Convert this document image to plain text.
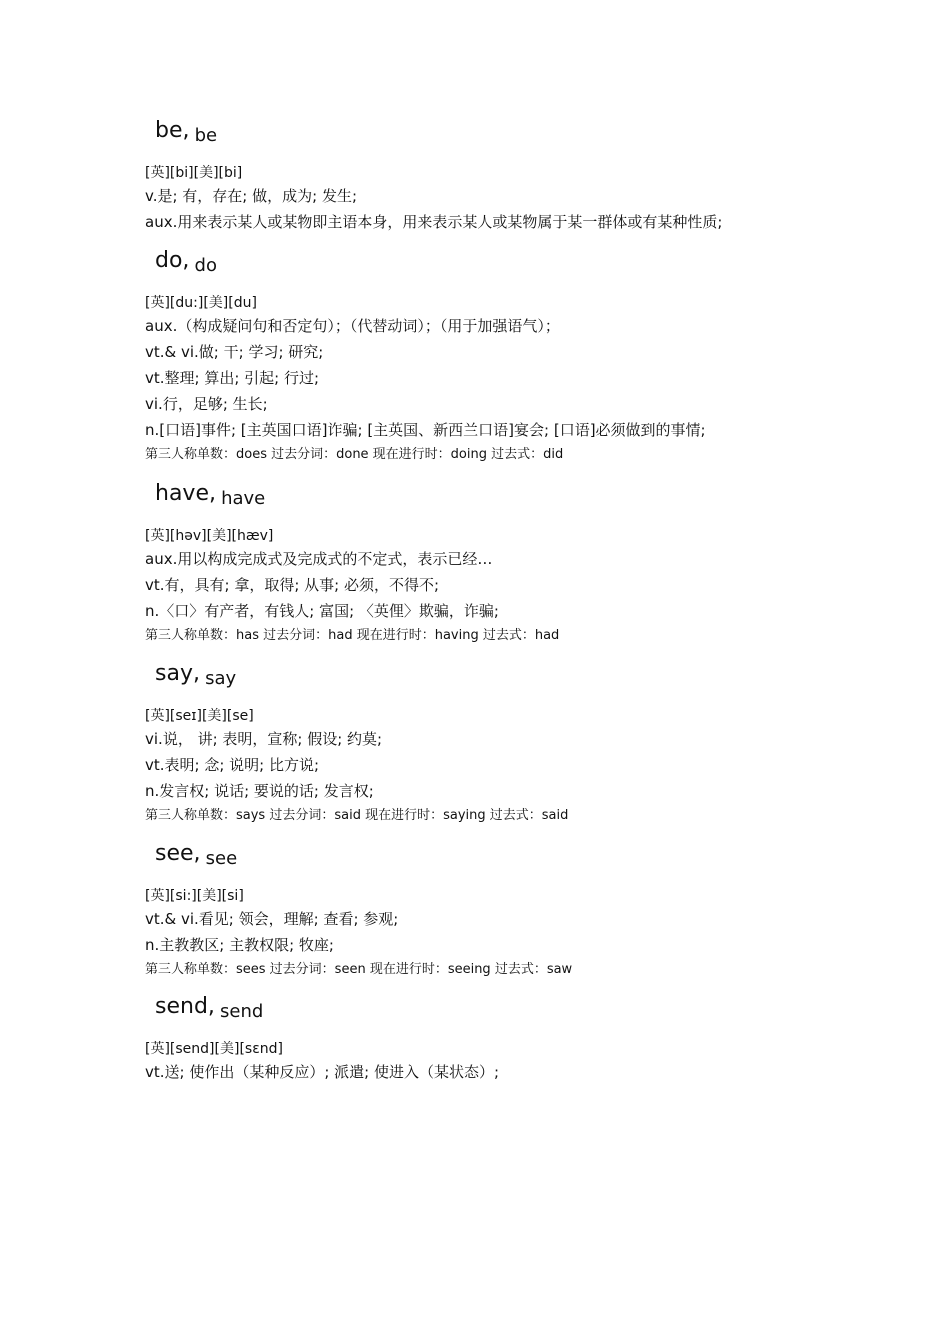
be, be
[英][bi][美][bi]
v.是; 有，存在; 做，成为; 发生;
aux.用来表示某人或某物即主语本身，用来表示某人或某物属于某一群体或有某种性质;
do, do
[英][du:][美][du]
aux.（构成疑问句和否定句）；（代替动词）；（用于加强语气）；
vt.& vi.做; 干; 学习; 研究;
vt.整理; 算出; 引起; 行过;
vi.行，足够; 生长;
n.[口语]事件; [主英国口语]诈骗; [主英国、新西兰口语]宴会; [口语]必须做到的事情;
第三人称单数：does 过去分词：done 现在进行时：doing 过去式：did
have, have
[英][həv][美][hæv]
aux.用以构成完成式及完成式的不定式，表示已经…
vt.有，具有; 拿，取得; 从事; 必须，不得不;
n.〈口〉有产者，有钱人; 富国; 〈英俚〉欺骗，诈骗;
第三人称单数：has 过去分词：had 现在进行时：having 过去式：had
say, say
[英][seɪ][美][se]
vi.说， 讲; 表明，宣称; 假设; 约莫;
vt.表明; 念; 说明; 比方说;
n.发言权; 说话; 要说的话; 发言权;
第三人称单数：says 过去分词：said 现在进行时：saying 过去式：said
see, see
[英][si:][美][si]
vt.& vi.看见; 领会，理解; 查看; 参观;
n.主教教区; 主教权限; 牧座;
第三人称单数：sees 过去分词：seen 现在进行时：seeing 过去式：saw
send, send
[英][send][美][sɛnd]
vt.送; 使作出（某种反应）; 派遣; 使进入（某状态）;
